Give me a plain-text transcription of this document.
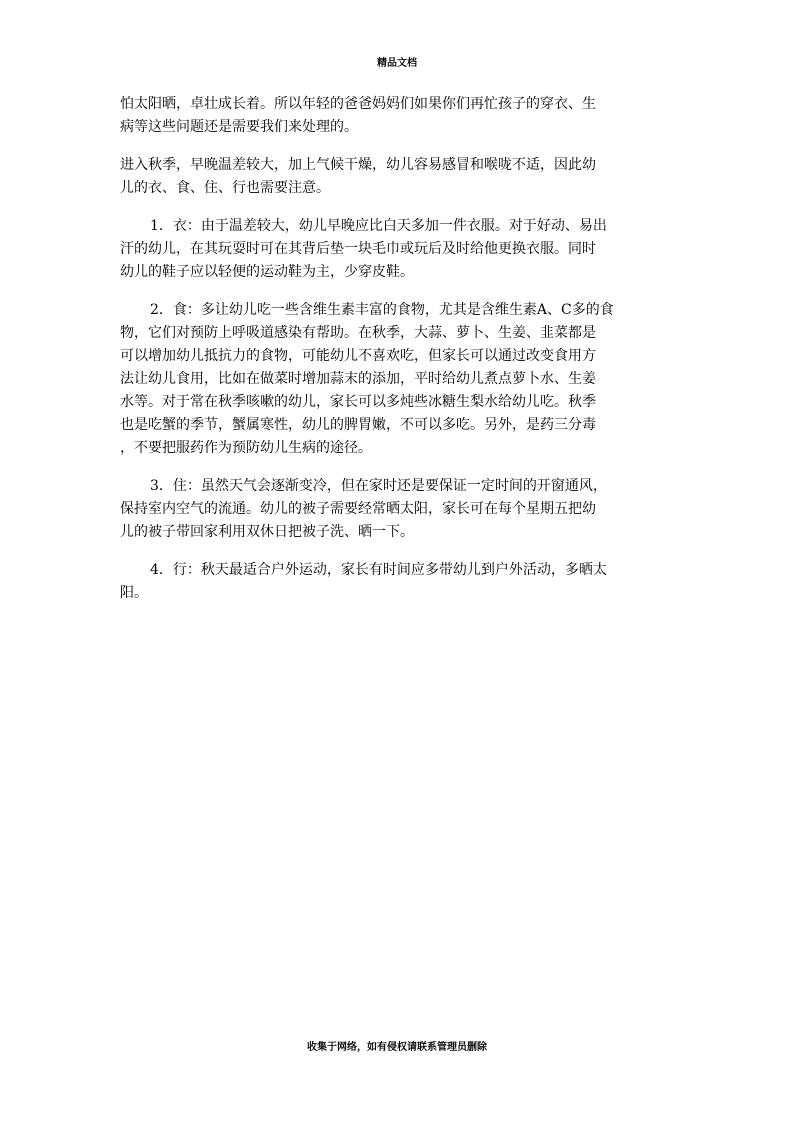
精品文档
怕太阳晒，卓壮成长着。所以年轻的爸爸妈妈们如果你们再忙孩子的穿衣、生
病等这些问题还是需要我们来处理的。
进入秋季，早晚温差较大，加上气候干燥，幼儿容易感冒和喉咙不适，因此幼
儿的衣、食、住、行也需要注意。
1．衣：由于温差较大，幼儿早晚应比白天多加一件衣服。对于好动、易出
汗的幼儿，在其玩耍时可在其背后垫一块毛巾或玩后及时给他更换衣服。同时
幼儿的鞋子应以轻便的运动鞋为主，少穿皮鞋。
2．食：多让幼儿吃一些含维生素丰富的食物，尤其是含维生素A、C多的食
物，它们对预防上呼吸道感染有帮助。在秋季，大蒜、萝卜、生姜、韭菜都是
可以增加幼儿抵抗力的食物，可能幼儿不喜欢吃，但家长可以通过改变食用方
法让幼儿食用，比如在做菜时增加蒜末的添加，平时给幼儿煮点萝卜水、生姜
水等。对于常在秋季咳嗽的幼儿，家长可以多炖些冰糖生梨水给幼儿吃。秋季
也是吃蟹的季节，蟹属寒性，幼儿的脾胃嫩，不可以多吃。另外，是药三分毒
，不要把服药作为预防幼儿生病的途径。
3．住：虽然天气会逐渐变冷，但在家时还是要保证一定时间的开窗通风，
保持室内空气的流通。幼儿的被子需要经常晒太阳，家长可在每个星期五把幼
儿的被子带回家利用双休日把被子洗、晒一下。
4．行：秋天最适合户外运动，家长有时间应多带幼儿到户外活动，多晒太
阳。
收集于网络，如有侵权请联系管理员删除
